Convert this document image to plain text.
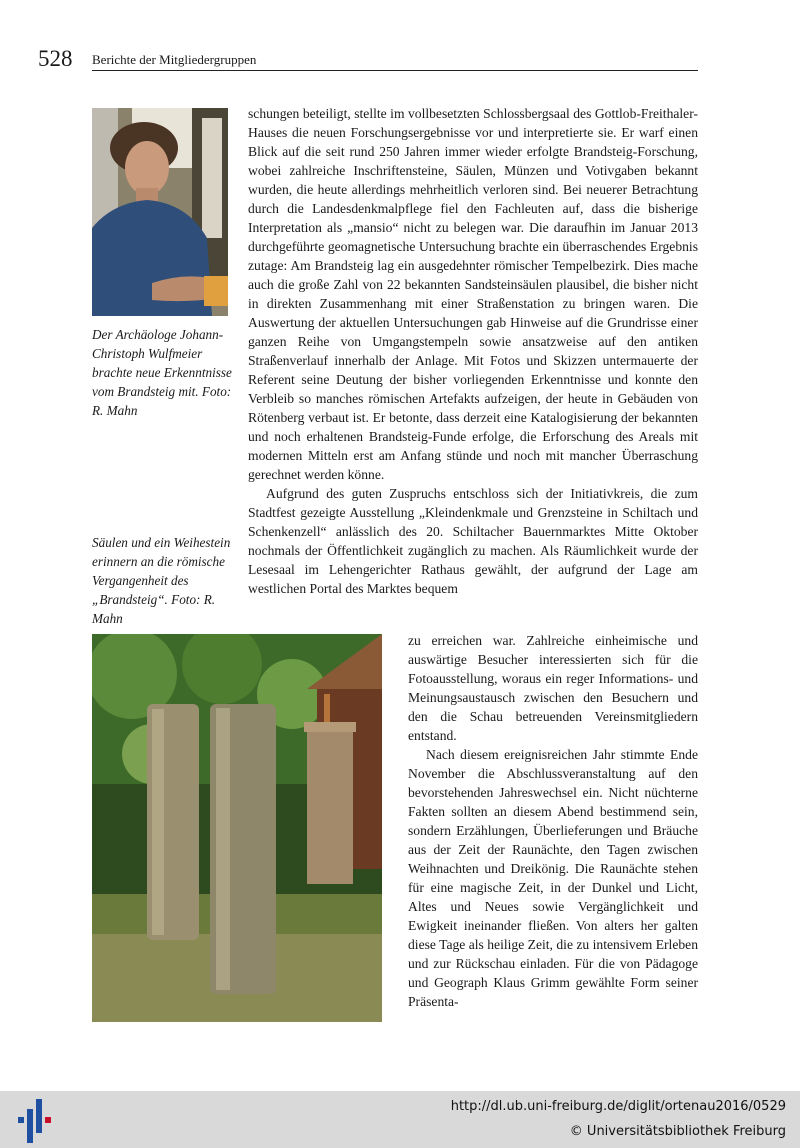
528 Berichte der Mitgliedergruppen
Der Archäologe Johann-Christoph Wulfmeier brachte neue Erkenntnisse vom Brandsteig mit. Foto: R. Mahn
Säulen und ein Weihestein erinnern an die römische Vergangenheit des „Brandsteig“. Foto: R. Mahn

schungen beteiligt, stellte im vollbesetzten Schlossbergsaal des Gottlob-Freithaler-Hauses die neuen Forschungsergebnisse vor und interpretierte sie. Er warf einen Blick auf die seit rund 250 Jahren immer wieder erfolgte Brandsteig-Forschung, wobei zahlreiche Inschriftensteine, Säulen, Münzen und Votivgaben bekannt wurden, die heute allerdings mehrheitlich verloren sind. Bei neuerer Betrachtung durch die Landesdenkmalpflege fiel den Fachleuten auf, dass die bisherige Interpretation als „mansio“ nicht zu belegen war. Die daraufhin im Januar 2013 durchgeführte geomagnetische Untersuchung brachte ein überraschendes Ergebnis zutage: Am Brandsteig lag ein ausgedehnter römischer Tempelbezirk. Dies mache auch die große Zahl von 22 bekannten Sandsteinsäulen plausibel, die bisher nicht in direkten Zusammenhang mit einer Straßenstation zu bringen waren. Die Auswertung der aktuellen Untersuchungen gab Hinweise auf die Grundrisse einer ganzen Reihe von Umgangstempeln sowie ansatzweise auf den antiken Straßenverlauf innerhalb der Anlage. Mit Fotos und Skizzen untermauerte der Referent seine Deutung der bisher vorliegenden Erkenntnisse und konnte den Verbleib so manches römischen Artefakts aufzeigen, der heute in Gebäuden von Rötenberg verbaut ist. Er betonte, dass derzeit eine Katalogisierung der bekannten und noch erhaltenen Brandsteig-Funde erfolge, die Erforschung des Areals mit modernen Mitteln erst am Anfang stünde und noch mit mancher Überraschung gerechnet werden könne.

Aufgrund des guten Zuspruchs entschloss sich der Initiativkreis, die zum Stadtfest gezeigte Ausstellung „Kleindenkmale und Grenzsteine in Schiltach und Schenkenzell“ anlässlich des 20. Schiltacher Bauernmarktes Mitte Oktober nochmals der Öffentlichkeit zugänglich zu machen. Als Räumlichkeit wurde der Lesesaal im Lehengerichter Rathaus gewählt, der aufgrund der Lage am westlichen Portal des Marktes bequem

zu erreichen war. Zahlreiche einheimische und auswärtige Besucher interessierten sich für die Fotoausstellung, woraus ein reger Informations- und Meinungsaustausch zwischen den Besuchern und den die Schau betreuenden Vereinsmitgliedern entstand.

Nach diesem ereignisreichen Jahr stimmte Ende November die Abschlussveranstaltung auf den bevorstehenden Jahreswechsel ein. Nicht nüchterne Fakten sollten an diesem Abend bestimmend sein, sondern Erzählungen, Überlieferungen und Bräuche aus der Zeit der Raunächte, den Tagen zwischen Weihnachten und Dreikönig. Die Raunächte stehen für eine magische Zeit, in der Dunkel und Licht, Altes und Neues sowie Vergänglichkeit und Ewigkeit ineinander fließen. Von alters her galten diese Tage als heilige Zeit, die zu intensivem Erleben und zur Rückschau einladen. Für die von Pädagoge und Geograph Klaus Grimm gewählte Form seiner Präsenta-

http://dl.ub.uni-freiburg.de/diglit/ortenau2016/0529
© Universitätsbibliothek Freiburg
